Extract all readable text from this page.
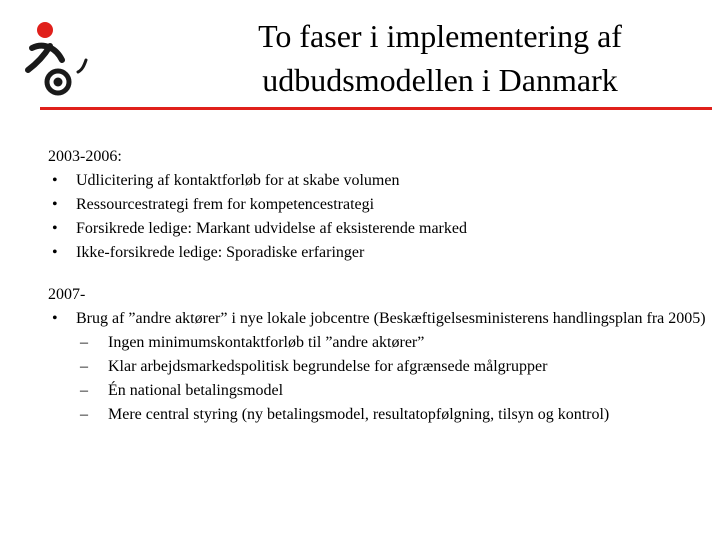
To faser i implementering af
udbudsmodellen i Danmark
2003-2006:
• Udlicitering af kontaktforløb for at skabe volumen
• Ressourcestrategi frem for kompetencestrategi
• Forsikrede ledige: Markant udvidelse af eksisterende marked
• Ikke-forsikrede ledige: Sporadiske erfaringer
2007-
• Brug af ”andre aktører” i nye lokale jobcentre (Beskæftigelsesministerens handlingsplan fra 2005)
– Ingen minimumskontaktforløb til ”andre aktører”
– Klar arbejdsmarkedspolitisk begrundelse for afgrænsede målgrupper
– Én national betalingsmodel
– Mere central styring (ny betalingsmodel, resultatopfølgning, tilsyn og kontrol)
